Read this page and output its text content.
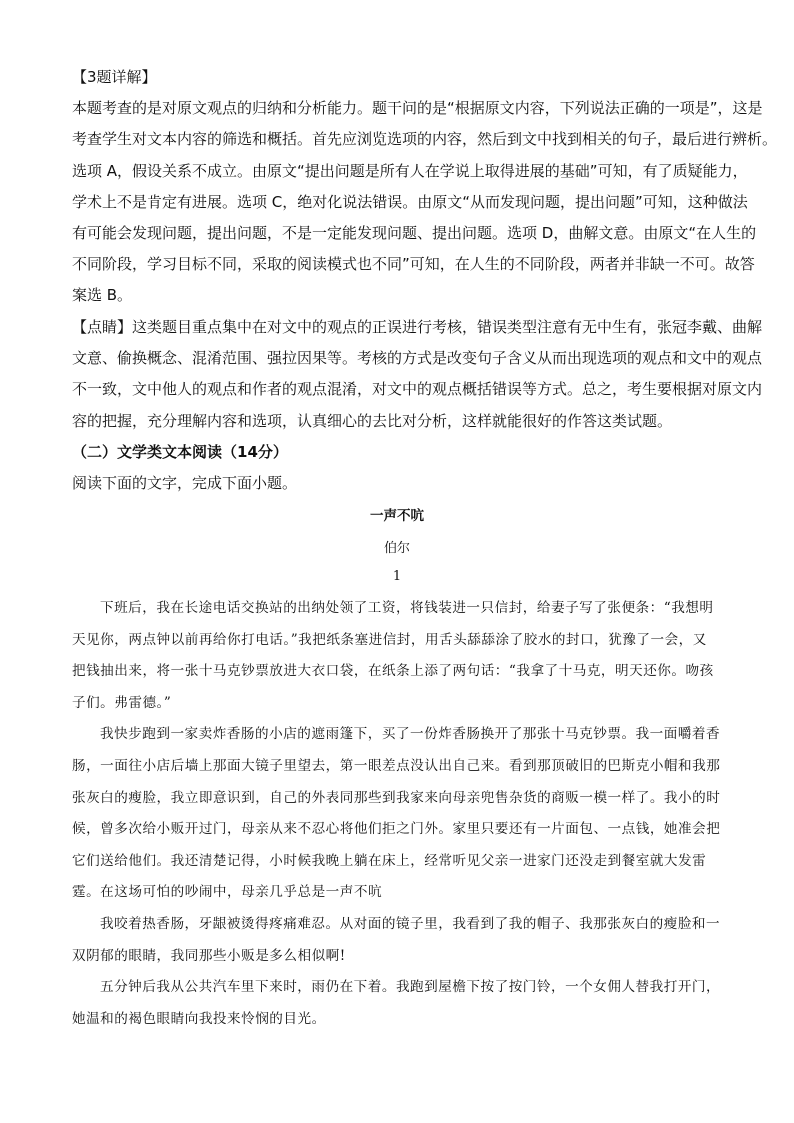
【3题详解】
本题考查的是对原文观点的归纳和分析能力。题干问的是“根据原文内容，下列说法正确的一项是”，这是
考查学生对文本内容的筛选和概括。首先应浏览选项的内容，然后到文中找到相关的句子，最后进行辨析。
选项 A，假设关系不成立。由原文“提出问题是所有人在学说上取得进展的基础”可知，有了质疑能力，
学术上不是肯定有进展。选项 C，绝对化说法错误。由原文“从而发现问题，提出问题”可知，这种做法
有可能会发现问题，提出问题，不是一定能发现问题、提出问题。选项 D，曲解文意。由原文“在人生的
不同阶段，学习目标不同，采取的阅读模式也不同”可知，在人生的不同阶段，两者并非缺一不可。故答
案选 B。
【点睛】这类题目重点集中在对文中的观点的正误进行考核，错误类型注意有无中生有，张冠李戴、曲解
文意、偷换概念、混淆范围、强拉因果等。考核的方式是改变句子含义从而出现选项的观点和文中的观点
不一致，文中他人的观点和作者的观点混淆，对文中的观点概括错误等方式。总之，考生要根据对原文内
容的把握，充分理解内容和选项，认真细心的去比对分析，这样就能很好的作答这类试题。
（二）文学类文本阅读（14分）
阅读下面的文字，完成下面小题。
一声不吭
伯尔
1
下班后，我在长途电话交换站的出纳处领了工资，将钱装进一只信封，给妻子写了张便条：“我想明
天见你，两点钟以前再给你打电话。”我把纸条塞进信封，用舌头舔舔涂了胶水的封口，犹豫了一会，又
把钱抽出来，将一张十马克钞票放进大衣口袋，在纸条上添了两句话：“我拿了十马克，明天还你。吻孩
子们。弗雷德。”
我快步跑到一家卖炸香肠的小店的遮雨篷下，买了一份炸香肠换开了那张十马克钞票。我一面嚼着香
肠，一面往小店后墙上那面大镜子里望去，第一眼差点没认出自己来。看到那顶破旧的巴斯克小帽和我那
张灰白的瘦脸，我立即意识到，自己的外表同那些到我家来向母亲兜售杂货的商贩一模一样了。我小的时
候，曾多次给小贩开过门，母亲从来不忍心将他们拒之门外。家里只要还有一片面包、一点钱，她准会把
它们送给他们。我还清楚记得，小时候我晚上躺在床上，经常听见父亲一进家门还没走到餐室就大发雷
霆。在这场可怕的吵闹中，母亲几乎总是一声不吭
我咬着热香肠，牙龈被烫得疼痛难忍。从对面的镜子里，我看到了我的帽子、我那张灰白的瘦脸和一
双阴郁的眼睛，我同那些小贩是多么相似啊!
五分钟后我从公共汽车里下来时，雨仍在下着。我跑到屋檐下按了按门铃，一个女佣人替我打开门，
她温和的褐色眼睛向我投来怜悯的目光。
